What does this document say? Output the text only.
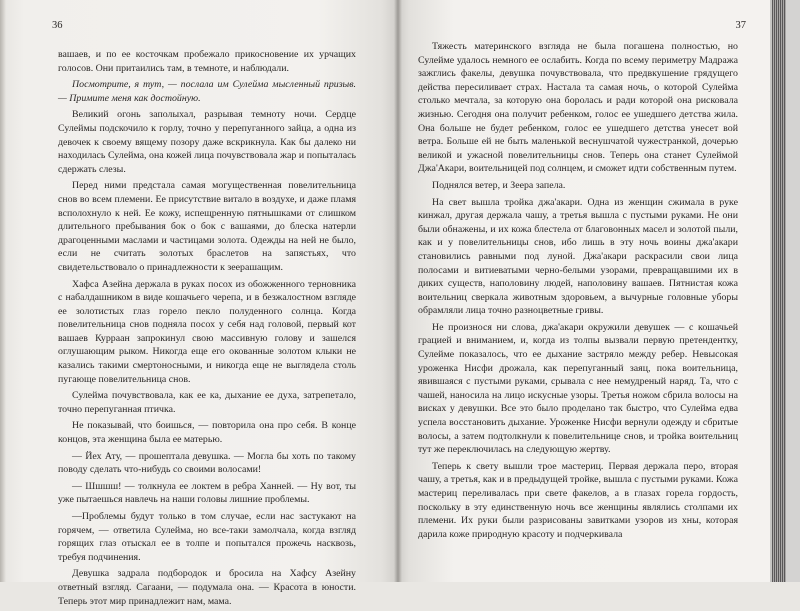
36

вашаев, и по ее косточкам пробежало прикосновение их урчащих голосов. Они притаились там, в темноте, и наблюдали.

Посмотрите, я тут, — послала им Сулейма мысленный призыв. — Примите меня как достойную.

Великий огонь заполыхал, разрывая темноту ночи. Сердце Сулеймы подскочило к горлу, точно у перепуганного зайца, а одна из девочек к своему вящему позору даже вскрикнула. Как бы далеко ни находилась Сулейма, она кожей лица почувствовала жар и попыталась сдержать слезы.

Перед ними предстала самая могущественная повелительница снов во всем племени. Ее присутствие витало в воздухе, и даже пламя всполохнуло к ней. Ее кожу, испещренную пятнышками от слишком длительного пребывания бок о бок с вашаями, до блеска натерли драгоценными маслами и частицами золота. Одежды на ней не было, если не считать золотых браслетов на запястьях, что свидетельствовало о принадлежности к зеерашащим.

Хафса Азейна держала в руках посох из обожженного терновника с набалдашником в виде кошачьего черепа, и в безжалостном взгляде ее золотистых глаз горело пекло полуденного солнца. Когда повелительница снов подняла посох у себя над головой, первый кот вашаев Курраан запрокинул свою массивную голову и зашелся оглушающим рыком. Никогда еще его окованные золотом клыки не казались такими смертоносными, и никогда еще не выглядела столь пугающе повелительница снов.

Сулейма почувствовала, как ее ка, дыхание ее духа, затрепетало, точно перепуганная птичка.

Не показывай, что боишься, — повторила она про себя. В конце концов, эта женщина была ее матерью.

— Йех Ату, — прошептала девушка. — Могла бы хоть по такому поводу сделать что-нибудь со своими волосами!

— Шшшш! — толкнула ее локтем в ребра Ханней. — Ну вот, ты уже пытаешься навлечь на наши головы лишние проблемы.

—Проблемы будут только в том случае, если нас застукают на горячем, — ответила Сулейма, но все-таки замолчала, когда взгляд горящих глаз отыскал ее в толпе и попытался прожечь насквозь, требуя подчинения.

Девушка задрала подбородок и бросила на Хафсу Азейну ответный взгляд. Сагаани, — подумала она. — Красота в юности. Теперь этот мир принадлежит нам, мама.

37

Тяжесть материнского взгляда не была погашена полностью, но Сулейме удалось немного ее ослабить. Когда по всему периметру Мадража зажглись факелы, девушка почувствовала, что предвкушение грядущего действа пересиливает страх. Настала та самая ночь, о которой Сулейма столько мечтала, за которую она боролась и ради которой она рисковала жизнью. Сегодня она получит ребенком, голос ее ушедшего детства жила. Она больше не будет ребенком, голос ее ушедшего детства унесет вой ветра. Больше ей не быть маленькой веснушчатой чужестранкой, дочерью великой и ужасной повелительницы снов. Теперь она станет Сулеймой Джа'Акари, воительницей под солнцем, и сможет идти собственным путем.

Поднялся ветер, и Зеера запела.

На свет вышла тройка джа'акари. Одна из женщин сжимала в руке кинжал, другая держала чашу, а третья вышла с пустыми руками. Не они были обнажены, и их кожа блестела от благовонных масел и золотой пыли, как и у повелительницы снов, ибо лишь в эту ночь воины джа'акари становились равными под луной. Джа'акари раскрасили свои лица полосами и витиеватыми черно-белыми узорами, превращавшими их в диких существ, наполовину людей, наполовину вашаев. Пятнистая кожа воительниц сверкала животным здоровьем, а вычурные головные уборы обрамляли лица точно разноцветные гривы.

Не произнося ни слова, джа'акари окружили девушек — с кошачьей грацией и вниманием, и, когда из толпы вызвали первую претендентку, Сулейме показалось, что ее дыхание застряло между ребер. Невысокая уроженка Нисфи дрожала, как перепуганный заяц, пока воительница, явившаяся с пустыми руками, срывала с нее немудреный наряд. Та, что с чашей, наносила на лицо искусные узоры. Третья ножом сбрила волосы на висках у девушки. Все это было проделано так быстро, что Сулейма едва успела восстановить дыхание. Уроженке Нисфи вернули одежду и сбритые волосы, а затем подтолкнули к повелительнице снов, и тройка воительниц тут же переключилась на следующую жертву.

Теперь к свету вышли трое мастериц. Первая держала перо, вторая чашу, а третья, как и в предыдущей тройке, вышла с пустыми руками. Кожа мастериц переливалась при свете факелов, а в глазах горела гордость, поскольку в эту единственную ночь все женщины являлись столпами их племени. Их руки были разрисованы завитками узоров из хны, которая дарила коже природную красоту и подчеркивала
